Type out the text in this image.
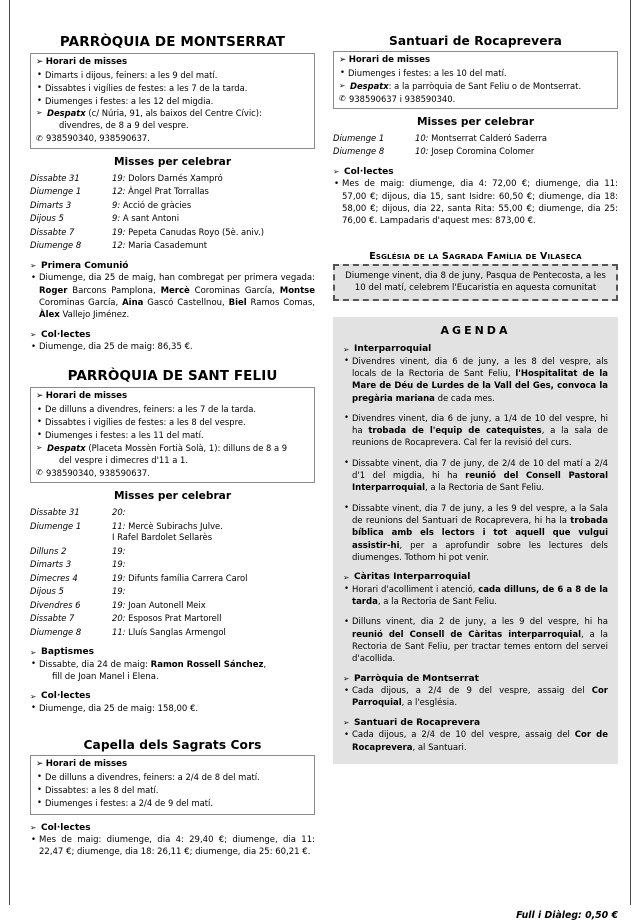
PARRÒQUIA DE MONTSERRAT
➢ Horari de misses
• Dimarts i dijous, feiners: a les 9 del matí.
• Dissabtes i vigílies de festes: a les 7 de la tarda.
• Diumenges i festes: a les 12 del migdia.
➢ Despatx (c/ Núria, 91, als baixos del Centre Cívic):
divendres, de 8 a 9 del vespre.
✆ 938590340, 938590637.
Misses per celebrar
Dissabte 31	19: Dolors Darnés Xampró
Diumenge 1	12: Àngel Prat Torrallas
Dimarts 3	9: Acció de gràcies
Dijous 5	9: A sant Antoni
Dissabte 7	19: Pepeta Canudas Royo (5è. aniv.)
Diumenge 8	12: Maria Casademunt
➢ Primera Comunió
• Diumenge, dia 25 de maig, han combregat per primera vegada: Roger Barcons Pamplona, Mercè Corominas García, Montse Corominas García, Aina Gascó Castellnou, Biel Ramos Comas, Àlex Vallejo Jiménez.
➢ Col·lectes
• Diumenge, dia 25 de maig: 86,35 €.
PARRÒQUIA DE SANT FELIU
➢ Horari de misses
• De dilluns a divendres, feiners: a les 7 de la tarda.
• Dissabtes i vigílies de festes: a les 8 del vespre.
• Diumenges i festes: a les 11 del matí.
➢ Despatx (Placeta Mossèn Fortià Solà, 1): dilluns de 8 a 9
del vespre i dimecres d'11 a 1.
✆ 938590340, 938590637.
Misses per celebrar
Dissabte 31	20:
Diumenge 1	11: Mercè Subirachs Julve.
I Rafel Bardolet Sellarès

Dilluns 2	19:
Dimarts 3	19:
Dimecres 4	19: Difunts família Carrera Carol
Dijous 5	19:
Divendres 6	19: Joan Autonell Meix
Dissabte 7	20: Esposos Prat Martorell
Diumenge 8	11: Lluís Sanglas Armengol
➢ Baptismes
• Dissabte, dia 24 de maig: Ramon Rossell Sánchez,
fill de Joan Manel i Elena.
➢ Col·lectes
• Diumenge, dia 25 de maig: 158,00 €.
Capella dels Sagrats Cors
➢ Horari de misses
• De dilluns a divendres, feiners: a 2/4 de 8 del matí.
• Dissabtes: a les 8 del matí.
• Diumenges i festes: a 2/4 de 9 del matí.
➢ Col·lectes
• Mes de maig: diumenge, dia 4: 29,40 €; diumenge, dia 11: 22,47 €; diumenge, dia 18: 26,11 €; diumenge, dia 25: 60,21 €.
Santuari de Rocaprevera
➢ Horari de misses
• Diumenges i festes: a les 10 del matí.
➢ Despatx: a la parròquia de Sant Feliu o de Montserrat.
✆ 938590637 i 938590340.
Misses per celebrar
Diumenge 1	10: Montserrat Calderó Saderra
Diumenge 8	10: Josep Coromina Colomer
➢ Col·lectes
• Mes de maig: diumenge, dia 4: 72,00 €; diumenge, dia 11: 57,00 €; dijous, dia 15, sant Isidre: 60,50 €; diumenge, dia 18: 58,00 €; dijous, dia 22, santa Rita: 55,00 €; diumenge, dia 25: 76,00 €. Lampadaris d'aquest mes: 873,00 €.
Església de la Sagrada Família de Vilaseca
Diumenge vinent, dia 8 de juny, Pasqua de Pentecosta, a les 10 del matí, celebrem l'Eucaristia en aquesta comunitat
AGENDA
➢ Interparroquial
• Divendres vinent, dia 6 de juny, a les 8 del vespre, als locals de la Rectoria de Sant Feliu, l'Hospitalitat de la Mare de Déu de Lurdes de la Vall del Ges, convoca la pregària mariana de cada mes.
• Divendres vinent, dia 6 de juny, a 1/4 de 10 del vespre, hi ha trobada de l'equip de catequistes, a la sala de reunions de Rocaprevera. Cal fer la revisió del curs.
• Dissabte vinent, dia 7 de juny, de 2/4 de 10 del matí a 2/4 d'1 del migdia, hi ha reunió del Consell Pastoral Interparroquial, a la Rectoria de Sant Feliu.
• Dissabte vinent, dia 7 de juny, a les 9 del vespre, a la Sala de reunions del Santuari de Rocaprevera, hi ha la trobada bíblica amb els lectors i tot aquell que vulgui assistir-hi, per a aprofundir sobre les lectures dels diumenges. Tothom hi pot venir.
➢ Càritas Interparroquial
• Horari d'acolliment i atenció, cada dilluns, de 6 a 8 de la tarda, a la Rectoria de Sant Feliu.
• Dilluns vinent, dia 2 de juny, a les 9 del vespre, hi ha reunió del Consell de Càritas interparroquial, a la Rectoria de Sant Feliu, per tractar temes entorn del servei d'acollida.
➢ Parròquia de Montserrat
• Cada dijous, a 2/4 de 9 del vespre, assaig del Cor Parroquial, a l'església.
➢ Santuari de Rocaprevera
• Cada dijous, a 2/4 de 10 del vespre, assaig del Cor de Rocaprevera, al Santuari.
Full i Diàleg: 0,50 €
